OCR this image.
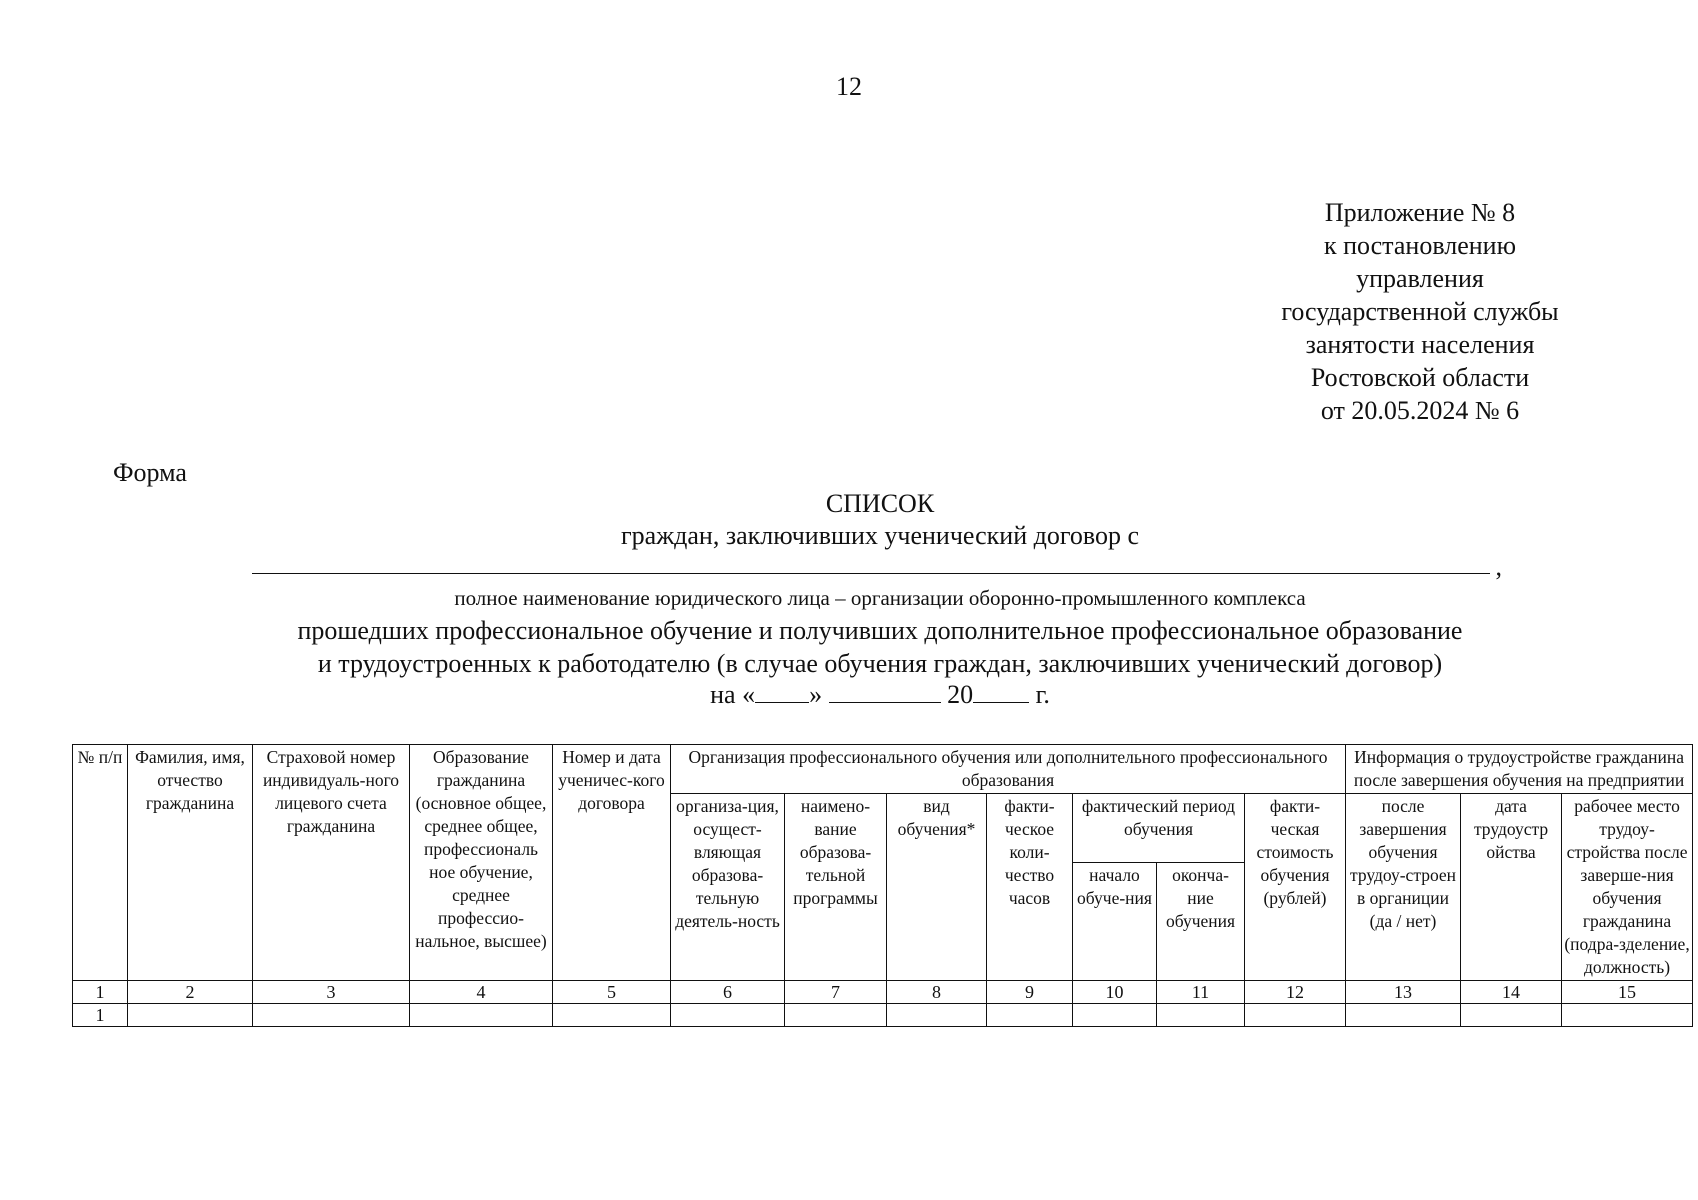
12
Приложение № 8
к постановлению
управления
государственной службы
занятости населения
Ростовской области
от 20.05.2024 № 6
Форма
СПИСОК
граждан, заключивших ученический договор с
,
полное наименование юридического лица – организации оборонно-промышленного комплекса
прошедших профессиональное обучение и получивших дополнительное профессиональное образование
и трудоустроенных к работодателю (в случае обучения граждан, заключивших ученический договор)
на « »	20 г.
№ п/п	Фамилия, имя, отчество гражданина	Страховой номер индивидуаль-ного лицевого счета гражданина	Образование гражданина (основное общее, среднее общее, профессиональ ное обучение, среднее профессио-нальное, высшее)	Номер и дата ученичес-кого договора	Организация профессионального обучения или дополнительного профессионального образования							Информация о трудоустройстве гражданина после завершения обучения на предприятии		
					организа-ция, осущест-вляющая образова-тельную деятель-ность	наимено-вание образова-тельной программы	вид обучения*	факти-ческое коли-чество часов	фактический период обучения		факти-ческая стоимость обучения (рублей)	после завершения обучения трудоу-строен в органиции (да / нет)	дата трудоустр ойства	рабочее место трудоу-стройства после заверше-ния обучения гражданина (подра-зделение, должность)
									начало обуче-ния	оконча-ние обучения				
1	2	3	4	5	6	7	8	9	10	11	12	13	14	15
1														
